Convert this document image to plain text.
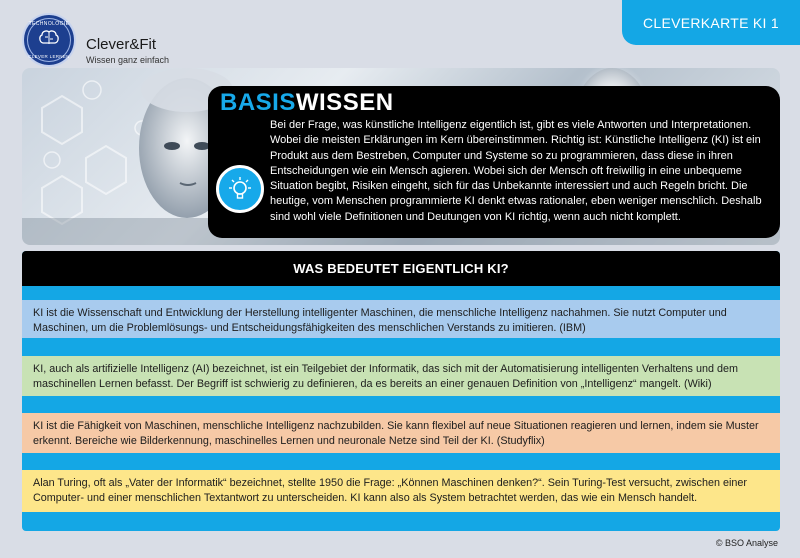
CLEVERKARTE KI 1
TECHNOLOGIE
CLEVER LERNEN
Clever&Fit
Wissen ganz einfach
BASISWISSEN
Bei der Frage, was künstliche Intelligenz eigentlich ist, gibt es viele Antworten und Interpretationen. Wobei die meisten Erklärungen im Kern übereinstimmen. Richtig ist: Künstliche Intelligenz (KI) ist ein Produkt aus dem Bestreben, Computer und Systeme so zu programmieren, dass diese in ihren Entscheidungen wie ein Mensch agieren. Wobei sich der Mensch oft freiwillig in eine unbequeme Situation begibt, Risiken eingeht, sich für das Unbekannte interessiert und auch Regeln bricht. Die heutige, vom Menschen programmierte KI denkt etwas rationaler, eben weniger menschlich. Deshalb sind wohl viele Definitionen und Deutungen von KI richtig, wenn auch nicht komplett.
WAS BEDEUTET EIGENTLICH KI?
KI ist die Wissenschaft und Entwicklung der Herstellung intelligenter Maschinen, die menschliche Intelligenz nachahmen. Sie nutzt Computer und Maschinen, um die Problemlösungs- und Entscheidungsfähigkeiten des menschlichen Verstands zu imitieren. (IBM)
KI, auch als artifizielle Intelligenz (AI) bezeichnet, ist ein Teilgebiet der Informatik, das sich mit der Automatisierung intelligenten Verhaltens und dem maschinellen Lernen befasst. Der Begriff ist schwierig zu definieren, da es bereits an einer genauen Definition von „Intelligenz“ mangelt. (Wiki)
KI ist die Fähigkeit von Maschinen, menschliche Intelligenz nachzubilden. Sie kann flexibel auf neue Situationen reagieren und lernen, indem sie Muster erkennt. Bereiche wie Bilderkennung, maschinelles Lernen und neuronale Netze sind Teil der KI. (Studyflix)
Alan Turing, oft als „Vater der Informatik“ bezeichnet, stellte 1950 die Frage: „Können Maschinen denken?“. Sein Turing-Test versucht, zwischen einer Computer- und einer menschlichen Textantwort zu unterscheiden. KI kann also als System betrachtet werden, das wie ein Mensch handelt.
© BSO Analyse
